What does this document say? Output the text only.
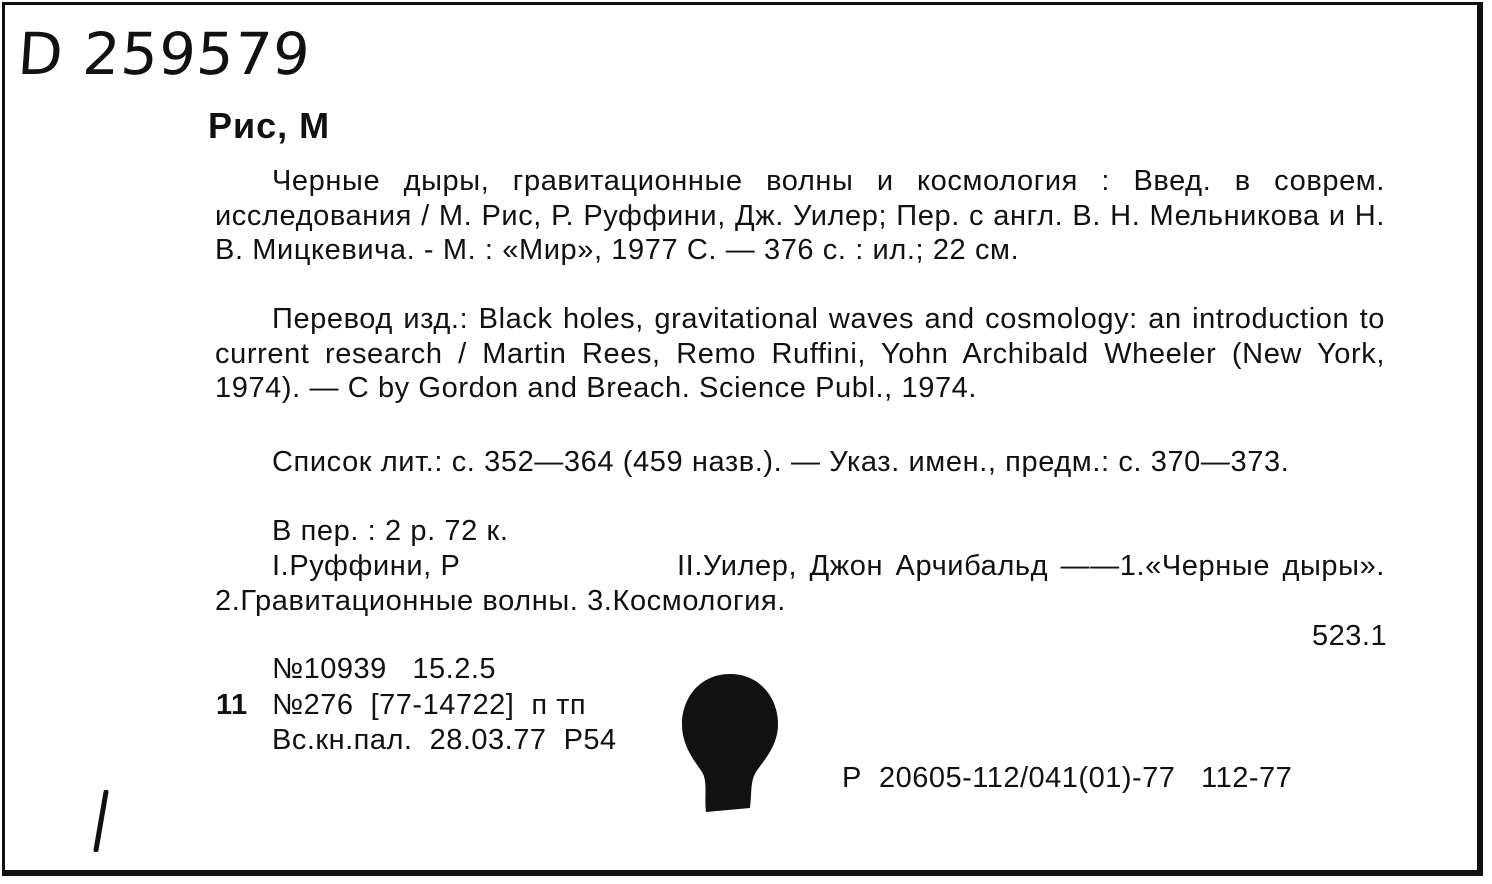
D 259579
Рис, М
Черные дыры, гравитационные волны и космология : Введ. в соврем. исследования / М. Рис, Р. Руффини, Дж. Уилер; Пер. с англ. В. Н. Мельникова и Н. В. Мицкевича. - М. : «Мир», 1977 С. — 376 с. : ил.; 22 см.
Перевод изд.: Black holes, gravitational waves and cosmology: an introduction to current research / Martin Rees, Remo Ruffini, Yohn Archibald Wheeler (New York, 1974). — C by Gordon and Breach. Science Publ., 1974.
Список лит.: с. 352—364 (459 назв.). — Указ. имен., предм.: с. 370—373.
В пер. : 2 р. 72 к.
I.Руффини, Р	II.Уилер, Джон Арчибальд ——1.«Черные дыры». 2.Гравитационные волны. 3.Космология.
523.1
№10939   15.2.5
11 №276  [77-14722]  п тп
Вс.кн.пал.  28.03.77  Р54
Р  20605-112/041(01)-77   112-77
